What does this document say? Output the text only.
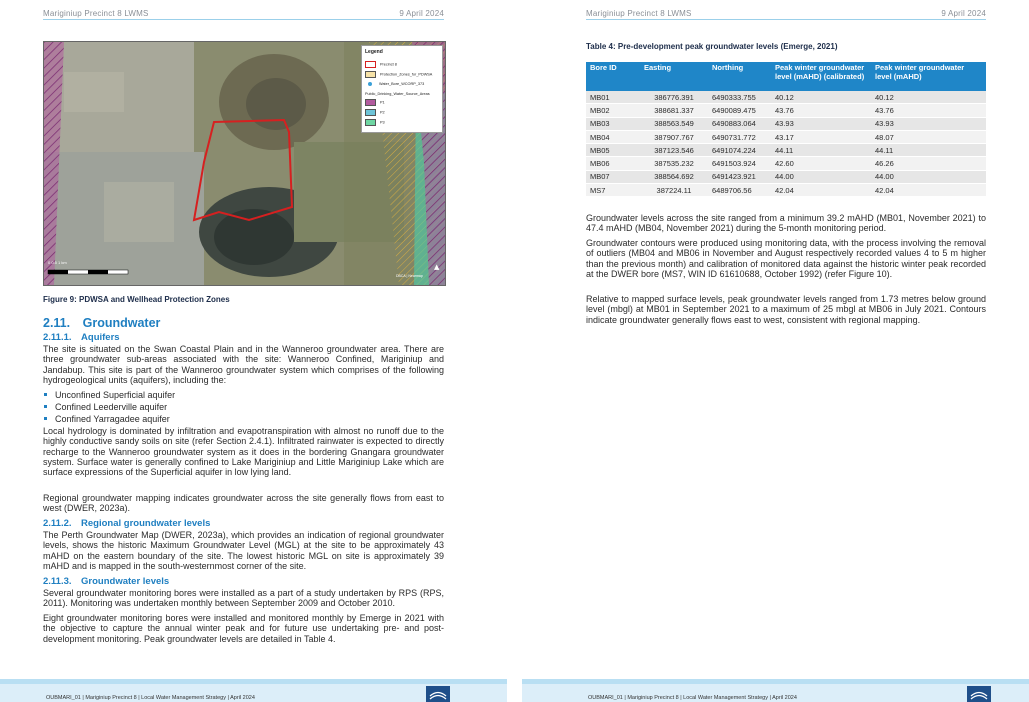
Mariginiup Precinct 8 LWMS	9 April 2024
▲
0 0.5 1 km
DBCA | Nearmap
Legend
Precinct 8
Protection_Zones_for_PDWSA
Water_Bore_WCORP_373
Public_Drinking_Water_Source_Areas
P1
P2
P3
Figure 9: PDWSA and Wellhead Protection Zones
2.11. Groundwater
2.11.1. Aquifers
The site is situated on the Swan Coastal Plain and in the Wanneroo groundwater area. There are three groundwater sub-areas associated with the site: Wanneroo Confined, Mariginiup and Jandabup. This site is part of the Wanneroo groundwater system which comprises of the following hydrogeological units (aquifers), including the:
Unconfined Superficial aquifer
Confined Leederville aquifer
Confined Yarragadee aquifer
Local hydrology is dominated by infiltration and evapotranspiration with almost no runoff due to the highly conductive sandy soils on site (refer Section 2.4.1). Infiltrated rainwater is expected to directly recharge to the Wanneroo groundwater system as it does in the bordering Gnangara groundwater system. Surface water is generally confined to Lake Mariginiup and Little Mariginiup Lake which are surface expressions of the Superficial aquifer in low lying land.
Regional groundwater mapping indicates groundwater across the site generally flows from east to west (DWER, 2023a).
2.11.2. Regional groundwater levels
The Perth Groundwater Map (DWER, 2023a), which provides an indication of regional groundwater levels, shows the historic Maximum Groundwater Level (MGL) at the site to be approximately 43 mAHD on the eastern boundary of the site. The lowest historic MGL on site is approximately 39 mAHD and is mapped in the south-westernmost corner of the site.
2.11.3. Groundwater levels
Several groundwater monitoring bores were installed as a part of a study undertaken by RPS (RPS, 2011). Monitoring was undertaken monthly between September 2009 and October 2010.
Eight groundwater monitoring bores were installed and monitored monthly by Emerge in 2021 with the objective to capture the annual winter peak and for future use undertaking pre- and post-development monitoring. Peak groundwater levels are detailed in Table 4.
OUBMARI_01 | Mariginiup Precinct 8 | Local Water Management Strategy | April 2024
Mariginiup Precinct 8 LWMS	9 April 2024
Table 4: Pre-development peak groundwater levels (Emerge, 2021)
Bore ID	Easting	Northing	Peak winter groundwater level (mAHD) (calibrated)	Peak winter groundwater level (mAHD)
MB01	386776.391	6490333.755	40.12	40.12
MB02	388681.337	6490089.475	43.76	43.76
MB03	388563.549	6490883.064	43.93	43.93
MB04	387907.767	6490731.772	43.17	48.07
MB05	387123.546	6491074.224	44.11	44.11
MB06	387535.232	6491503.924	42.60	46.26
MB07	388564.692	6491423.921	44.00	44.00
MS7	387224.11	6489706.56	42.04	42.04
Groundwater levels across the site ranged from a minimum 39.2 mAHD (MB01, November 2021) to 47.4 mAHD (MB04, November 2021) during the 5-month monitoring period.
Groundwater contours were produced using monitoring data, with the process involving the removal of outliers (MB04 and MB06 in November and August respectively recorded values 4 to 5 m higher than the previous month) and calibration of monitored data against the historic winter peak recorded at the DWER bore (MS7, WIN ID 61610688, October 1992) (refer Figure 10).
Relative to mapped surface levels, peak groundwater levels ranged from 1.73 metres below ground level (mbgl) at MB01 in September 2021 to a maximum of 25 mbgl at MB06 in July 2021. Contours indicate groundwater generally flows east to west, consistent with regional mapping.
OUBMARI_01 | Mariginiup Precinct 8 | Local Water Management Strategy | April 2024
